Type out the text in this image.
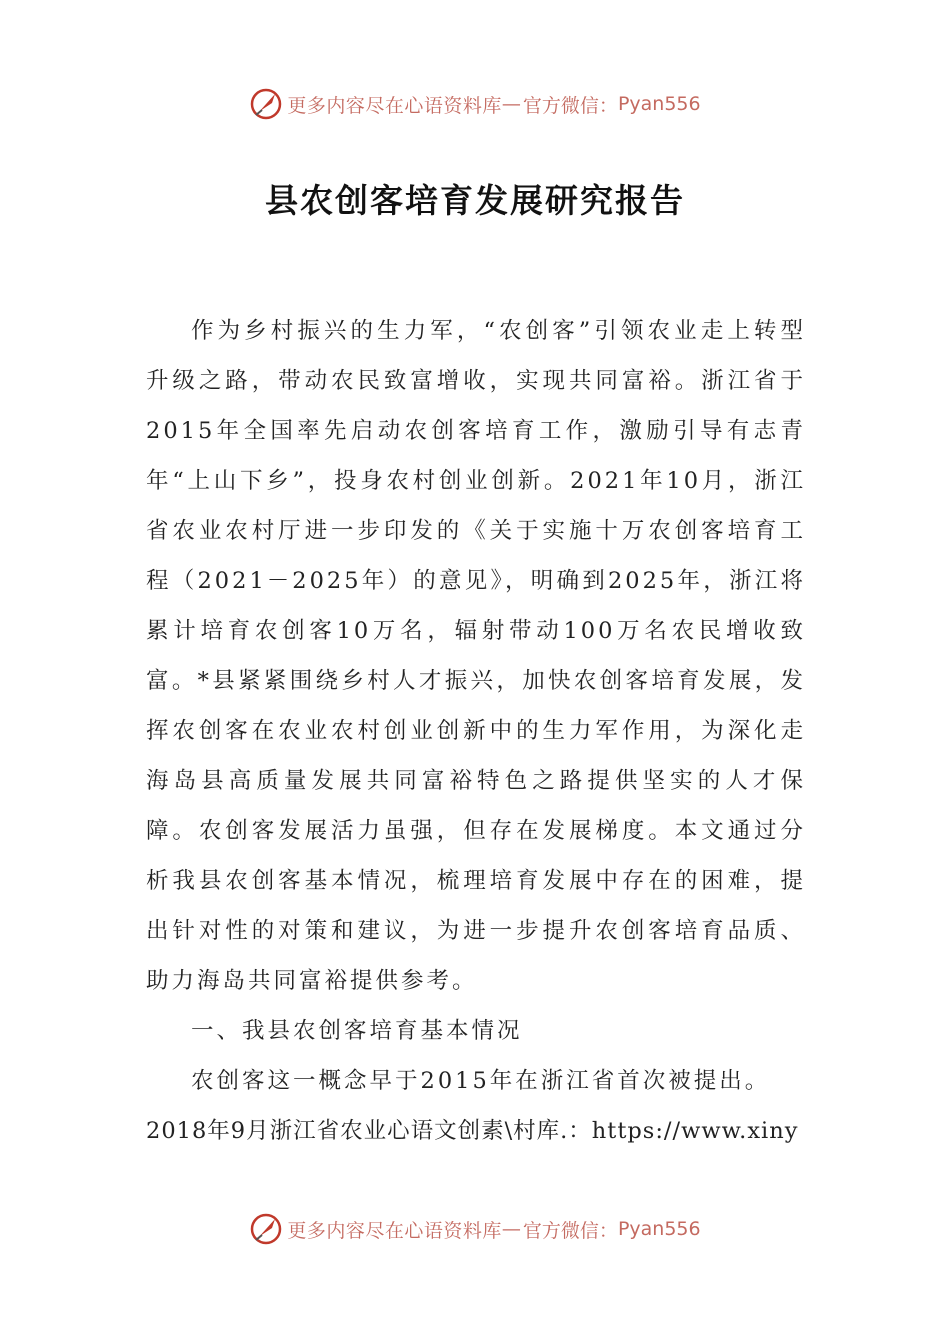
更多内容尽在心语资料库 — 官方微信： Pyan556
县农创客培育发展研究报告

作为乡村振兴的生力军，“农创客”引领农业走上转型升级之路，带动农民致富增收，实现共同富裕。浙江省于2015年全国率先启动农创客培育工作，激励引导有志青年“上山下乡”，投身农村创业创新。2021年10月，浙江省农业农村厅进一步印发的《关于实施十万农创客培育工程（2021－2025年）的意见》，明确到2025年，浙江将累计培育农创客10万名，辐射带动100万名农民增收致富。*县紧紧围绕乡村人才振兴，加快农创客培育发展，发挥农创客在农业农村创业创新中的生力军作用，为深化走海岛县高质量发展共同富裕特色之路提供坚实的人才保障。农创客发展活力虽强，但存在发展梯度。本文通过分析我县农创客基本情况，梳理培育发展中存在的困难，提出针对性的对策和建议，为进一步提升农创客培育品质、助力海岛共同富裕提供参考。

一、我县农创客培育基本情况

农创客这一概念早于2015年在浙江省首次被提出。

2018年9月浙江省农业心语文创素\村库.：https://www.xiny

更多内容尽在心语资料库 — 官方微信： Pyan556
